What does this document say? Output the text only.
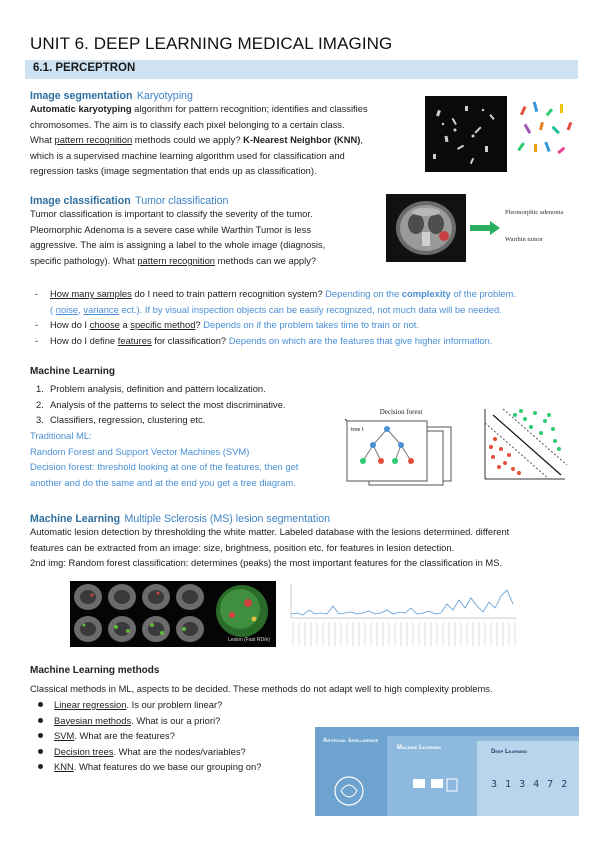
UNIT 6. DEEP LEARNING MEDICAL IMAGING
6.1. PERCEPTRON
Image segmentation Karyotyping
Automatic karyotyping algorithm for pattern recognition; identifies and classifies
chromosomes. The aim is to classify each pixel belonging to a certain class.
What pattern recognition methods could we apply? K-Nearest Neighbor (KNN),
which is a supervised machine learning algorithm used for classification and
regression tasks (image segmentation that ends up as classification).
Image classification Tumor classification
Tumor classification is important to classify the severity of the tumor.
Pleomorphic Adenoma is a severe case while Warthin Tumor is less
aggressive. The aim is assigning a label to the whole image (diagnosis,
specific pathology). What pattern recognition methods can we apply?
Pleomorphic adenoma
Warthin tumor
- How many samples do I need to train pattern recognition system? Depending on the complexity of the problem.
( noise, variance ect.). If by visual inspection objects can be easily recognized, not much data will be needed.
- How do I choose a specific method? Depends on if the problem takes time to train or not.
- How do I define features for classification? Depends on which are the features that give higher information.
Machine Learning
1. Problem analysis, definition and pattern localization.
2. Analysis of the patterns to select the most discriminative.
3. Classifiers, regression, clustering etc.
Traditional ML:
Random Forest and Support Vector Machines (SVM)
Decision forest: threshold looking at one of the features, then get
another and do the same and at the end you get a tree diagram.
Decision forest
tree t
Machine Learning Multiple Sclerosis (MS) lesion segmentation
Automatic lesion detection by thresholding the white matter. Labeled database with the lesions determined. different
features can be extracted from an image: size, brightness, position etc. for features in lesion detection.
2nd img: Random forest classification: determines (peaks) the most important features for the classification in MS.
Lesion (Fast RD/e)
Machine Learning methods
Classical methods in ML, aspects to be decided. These methods do not adapt well to high complexity problems.
Linear regression. Is our problem linear?
Bayesian methods. What is our a priori?
SVM. What are the features?
Decision trees. What are the nodes/variables?
KNN. What features do we base our grouping on?
Artificial Intelligence
Machine Learning
Deep Learning
3 1 3 4 7 2
